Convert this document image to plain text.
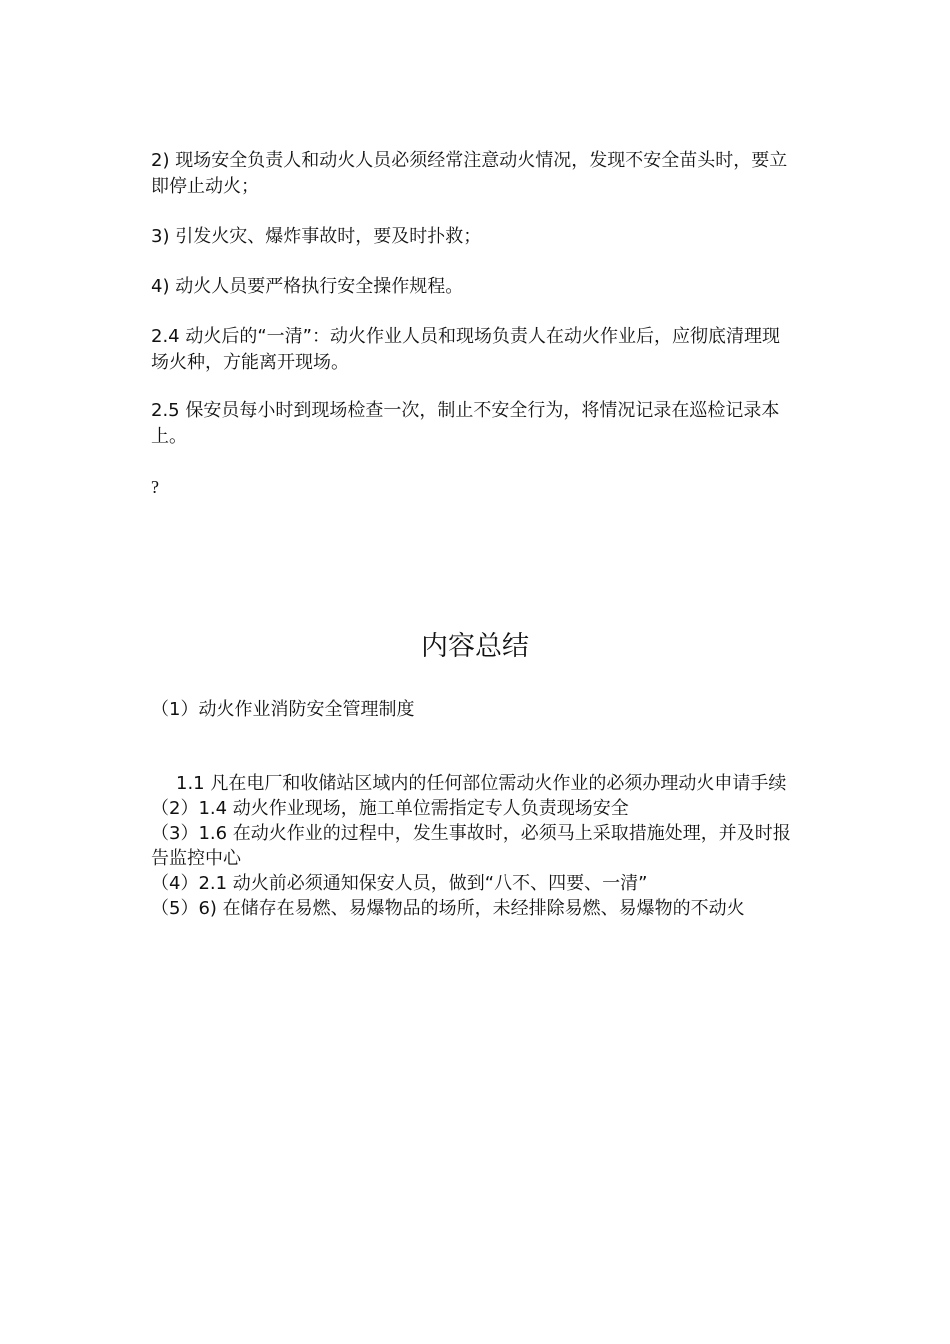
2) 现场安全负责人和动火人员必须经常注意动火情况，发现不安全苗头时，要立即停止动火；

3) 引发火灾、爆炸事故时，要及时扑救；

4) 动火人员要严格执行安全操作规程。

2.4 动火后的“一清”：动火作业人员和现场负责人在动火作业后，应彻底清理现场火种，方能离开现场。

2.5 保安员每小时到现场检查一次，制止不安全行为，将情况记录在巡检记录本上。

?

内容总结

（1）动火作业消防安全管理制度

1.1 凡在电厂和收储站区域内的任何部位需动火作业的必须办理动火申请手续

（2）1.4 动火作业现场，施工单位需指定专人负责现场安全

（3）1.6 在动火作业的过程中，发生事故时，必须马上采取措施处理，并及时报告监控中心

（4）2.1 动火前必须通知保安人员，做到“八不、四要、一清”

（5）6) 在储存在易燃、易爆物品的场所，未经排除易燃、易爆物的不动火
